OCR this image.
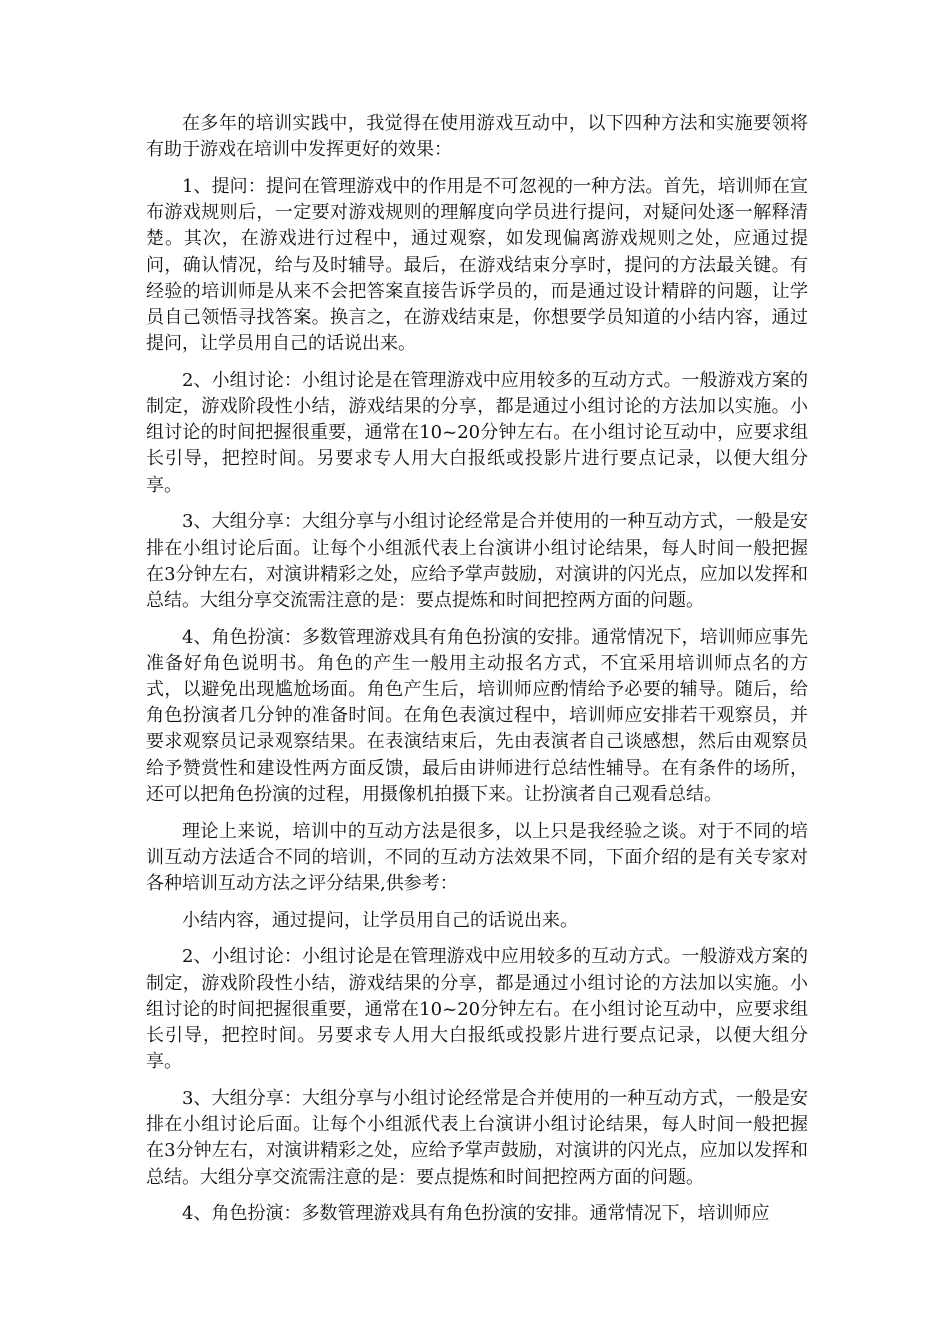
在多年的培训实践中，我觉得在使用游戏互动中，以下四种方法和实施要领将有助于游戏在培训中发挥更好的效果：

1、提问：提问在管理游戏中的作用是不可忽视的一种方法。首先，培训师在宣布游戏规则后，一定要对游戏规则的理解度向学员进行提问，对疑问处逐一解释清楚。其次，在游戏进行过程中，通过观察，如发现偏离游戏规则之处，应通过提问，确认情况，给与及时辅导。最后，在游戏结束分享时，提问的方法最关键。有经验的培训师是从来不会把答案直接告诉学员的，而是通过设计精辟的问题，让学员自己领悟寻找答案。换言之，在游戏结束是，你想要学员知道的小结内容，通过提问，让学员用自己的话说出来。

2、小组讨论：小组讨论是在管理游戏中应用较多的互动方式。一般游戏方案的制定，游戏阶段性小结，游戏结果的分享，都是通过小组讨论的方法加以实施。小组讨论的时间把握很重要，通常在10~20分钟左右。在小组讨论互动中，应要求组长引导，把控时间。另要求专人用大白报纸或投影片进行要点记录，以便大组分享。

3、大组分享：大组分享与小组讨论经常是合并使用的一种互动方式，一般是安排在小组讨论后面。让每个小组派代表上台演讲小组讨论结果，每人时间一般把握在3分钟左右，对演讲精彩之处，应给予掌声鼓励，对演讲的闪光点，应加以发挥和总结。大组分享交流需注意的是：要点提炼和时间把控两方面的问题。

4、角色扮演：多数管理游戏具有角色扮演的安排。通常情况下，培训师应事先准备好角色说明书。角色的产生一般用主动报名方式，不宜采用培训师点名的方式，以避免出现尴尬场面。角色产生后，培训师应酌情给予必要的辅导。随后，给角色扮演者几分钟的准备时间。在角色表演过程中，培训师应安排若干观察员，并要求观察员记录观察结果。在表演结束后，先由表演者自己谈感想，然后由观察员给予赞赏性和建设性两方面反馈，最后由讲师进行总结性辅导。在有条件的场所，还可以把角色扮演的过程，用摄像机拍摄下来。让扮演者自己观看总结。

理论上来说，培训中的互动方法是很多，以上只是我经验之谈。对于不同的培训互动方法适合不同的培训，不同的互动方法效果不同，下面介绍的是有关专家对各种培训互动方法之评分结果,供参考：

小结内容，通过提问，让学员用自己的话说出来。

2、小组讨论：小组讨论是在管理游戏中应用较多的互动方式。一般游戏方案的制定，游戏阶段性小结，游戏结果的分享，都是通过小组讨论的方法加以实施。小组讨论的时间把握很重要，通常在10~20分钟左右。在小组讨论互动中，应要求组长引导，把控时间。另要求专人用大白报纸或投影片进行要点记录，以便大组分享。

3、大组分享：大组分享与小组讨论经常是合并使用的一种互动方式，一般是安排在小组讨论后面。让每个小组派代表上台演讲小组讨论结果，每人时间一般把握在3分钟左右，对演讲精彩之处，应给予掌声鼓励，对演讲的闪光点，应加以发挥和总结。大组分享交流需注意的是：要点提炼和时间把控两方面的问题。

4、角色扮演：多数管理游戏具有角色扮演的安排。通常情况下，培训师应
